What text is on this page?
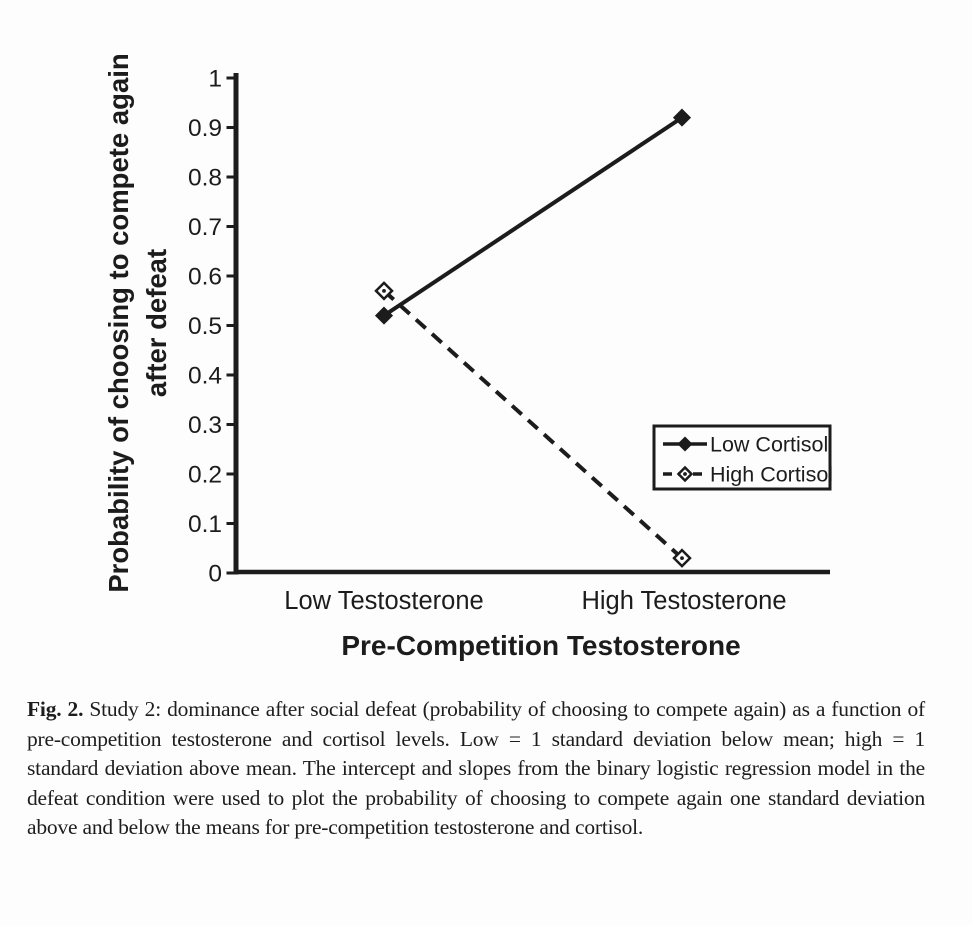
0
0.1
0.2
0.3
0.4
0.5
0.6
0.7
0.8
0.9
1
Low Testosterone	High Testosterone
Pre-Competition Testosterone
Probability of choosing to compete again after defeat
Low Cortisol
High Cortisol
Fig. 2. Study 2: dominance after social defeat (probability of choosing to compete again) as a function of pre-competition testosterone and cortisol levels. Low = 1 standard deviation below mean; high = 1 standard deviation above mean. The intercept and slopes from the binary logistic regression model in the defeat condition were used to plot the probability of choosing to compete again one standard deviation above and below the means for pre-competition testosterone and cortisol.
